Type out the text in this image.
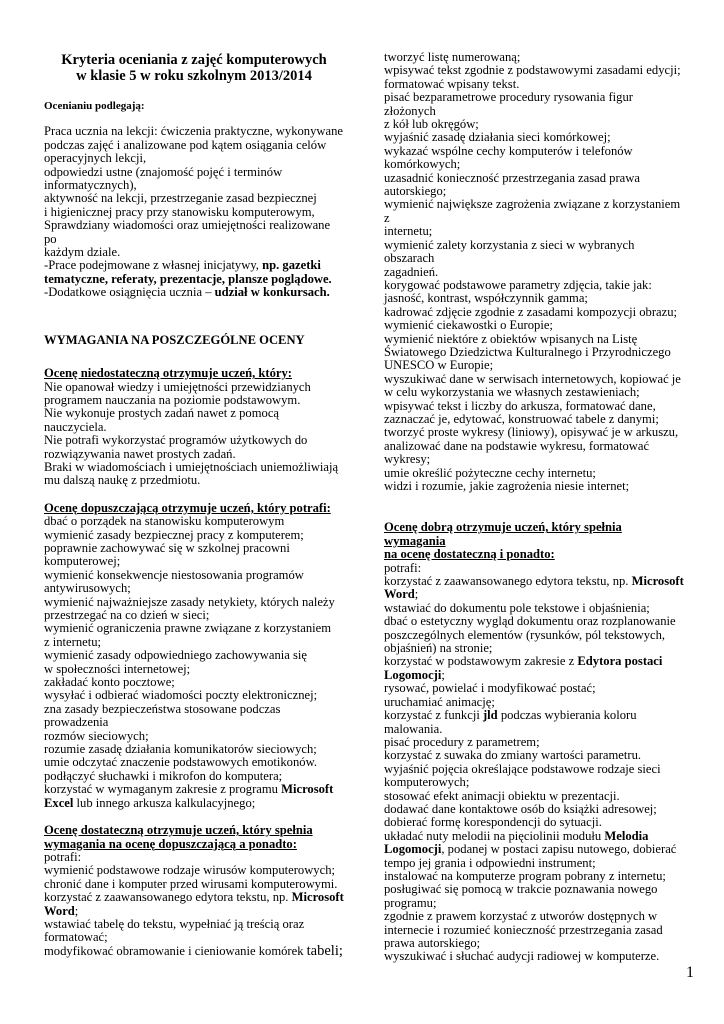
Kryteria oceniania z zajęć komputerowych
w klasie 5 w roku szkolnym 2013/2014
Ocenianiu podlegają:

Praca ucznia na lekcji: ćwiczenia praktyczne, wykonywane

podczas zajęć i analizowane pod kątem osiągania celów

operacyjnych lekcji,

odpowiedzi ustne (znajomość pojęć i terminów

informatycznych),

aktywność na lekcji, przestrzeganie zasad bezpiecznej

i higienicznej pracy przy stanowisku komputerowym,

Sprawdziany wiadomości oraz umiejętności realizowane po

każdym dziale.

-Prace podejmowane z własnej inicjatywy, np. gazetki

tematyczne, referaty, prezentacje, plansze poglądowe.

-Dodatkowe osiągnięcia ucznia – udział w konkursach.

WYMAGANIA NA POSZCZEGÓLNE OCENY

Ocenę niedostateczną otrzymuje uczeń, który:

Nie opanował wiedzy i umiejętności przewidzianych

programem nauczania na poziomie podstawowym.

Nie wykonuje prostych zadań nawet z pomocą nauczyciela.

Nie potrafi wykorzystać programów użytkowych do

rozwiązywania nawet prostych zadań.

Braki w wiadomościach i umiejętnościach uniemożliwiają

mu dalszą naukę z przedmiotu.

Ocenę dopuszczającą otrzymuje uczeń, który potrafi:

dbać o porządek na stanowisku komputerowym

wymienić zasady bezpiecznej pracy z komputerem;

poprawnie zachowywać się w szkolnej pracowni

komputerowej;

wymienić konsekwencje niestosowania programów

antywirusowych;

wymienić najważniejsze zasady netykiety, których należy

przestrzegać na co dzień w sieci;

wymienić ograniczenia prawne związane z korzystaniem

z internetu;

wymienić zasady odpowiedniego zachowywania się

w społeczności internetowej;

zakładać konto pocztowe;

wysyłać i odbierać wiadomości poczty elektronicznej;

zna zasady bezpieczeństwa stosowane podczas prowadzenia

rozmów sieciowych;

rozumie zasadę działania komunikatorów sieciowych;

umie odczytać znaczenie podstawowych emotikonów.

podłączyć słuchawki i mikrofon do komputera;

korzystać w wymaganym zakresie z programu Microsoft

Excel lub innego arkusza kalkulacyjnego;

Ocenę dostateczną otrzymuje uczeń, który spełnia

wymagania na ocenę dopuszczającą a ponadto:

potrafi:

wymienić podstawowe rodzaje wirusów komputerowych;

chronić dane i komputer przed wirusami komputerowymi.

korzystać z zaawansowanego edytora tekstu, np. Microsoft

Word;

wstawiać tabelę do tekstu, wypełniać ją treścią oraz

formatować;

modyfikować obramowanie i cieniowanie komórek tabeli;

tworzyć listę numerowaną;

wpisywać tekst zgodnie z podstawowymi zasadami edycji;

formatować wpisany tekst.

pisać bezparametrowe procedury rysowania figur złożonych

z kół lub okręgów;

wyjaśnić zasadę działania sieci komórkowej;

wykazać wspólne cechy komputerów i telefonów

komórkowych;

uzasadnić konieczność przestrzegania zasad prawa

autorskiego;

wymienić największe zagrożenia związane z korzystaniem z

internetu;

wymienić zalety korzystania z sieci w wybranych obszarach

zagadnień.

korygować podstawowe parametry zdjęcia, takie jak:

jasność, kontrast, współczynnik gamma;

kadrować zdjęcie zgodnie z zasadami kompozycji obrazu;

wymienić ciekawostki o Europie;

wymienić niektóre z obiektów wpisanych na Listę

Światowego Dziedzictwa Kulturalnego i Przyrodniczego

UNESCO w Europie;

wyszukiwać dane w serwisach internetowych, kopiować je

w celu wykorzystania we własnych zestawieniach;

wpisywać tekst i liczby do arkusza, formatować dane,

zaznaczać je, edytować, konstruować tabele z danymi;

tworzyć proste wykresy (liniowy), opisywać je w arkuszu,

analizować dane na podstawie wykresu, formatować

wykresy;

umie określić pożyteczne cechy internetu;

widzi i rozumie, jakie zagrożenia niesie internet;

Ocenę dobrą otrzymuje uczeń, który spełnia wymagania

na ocenę dostateczną i ponadto:

potrafi:

korzystać z zaawansowanego edytora tekstu, np. Microsoft

Word;

wstawiać do dokumentu pole tekstowe i objaśnienia;

dbać o estetyczny wygląd dokumentu oraz rozplanowanie

poszczególnych elementów (rysunków, pól tekstowych,

objaśnień) na stronie;

korzystać w podstawowym zakresie z Edytora postaci

Logomocji;

rysować, powielać i modyfikować postać;

uruchamiać animację;

korzystać z funkcji jld podczas wybierania koloru

malowania.

pisać procedury z parametrem;

korzystać z suwaka do zmiany wartości parametru.

wyjaśnić pojęcia określające podstawowe rodzaje sieci

komputerowych;

stosować efekt animacji obiektu w prezentacji.

dodawać dane kontaktowe osób do książki adresowej;

dobierać formę korespondencji do sytuacji.

układać nuty melodii na pięciolinii modułu Melodia

Logomocji, podanej w postaci zapisu nutowego, dobierać

tempo jej grania i odpowiedni instrument;

instalować na komputerze program pobrany z internetu;

posługiwać się pomocą w trakcie poznawania nowego

programu;

zgodnie z prawem korzystać z utworów dostępnych w

internecie i rozumieć konieczność przestrzegania zasad

prawa autorskiego;

wyszukiwać i słuchać audycji radiowej w komputerze.

1
